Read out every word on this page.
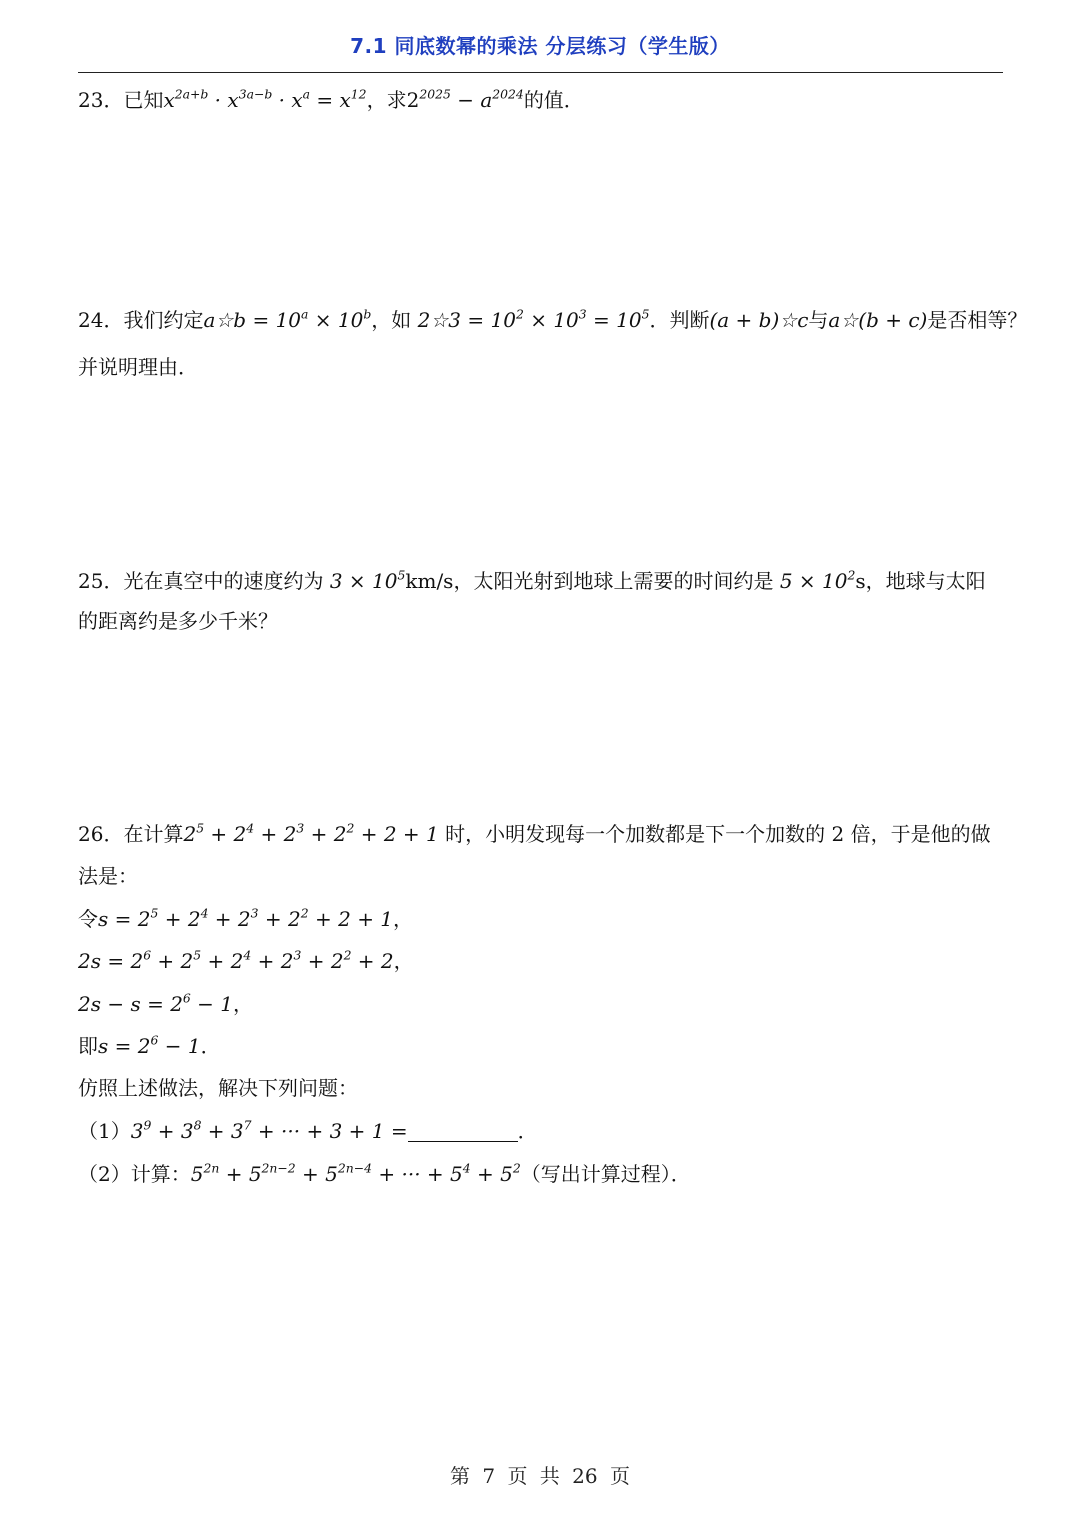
7.1 同底数幂的乘法 分层练习（学生版）
23．已知$x^{2a+b} \cdot x^{3a-b} \cdot x^a = x^{12}$，求$2^{2025} - a^{2024}$的值．
24．我们约定a☆b = $10^a \times 10^b$，如 2☆3 = $10^2 \times 10^3 = 10^5$．判断(a + b)☆c与a☆(b + c)是否相等？
并说明理由．
25．光在真空中的速度约为 $3 \times 10^5km/s$，太阳光射到地球上需要的时间约是 $5 \times 10^2s$，地球与太阳
的距离约是多少千米？
26．在计算$2^5 + 2^4 + 2^3 + 2^2 + 2 + 1$ 时，小明发现每一个加数都是下一个加数的 2 倍，于是他的做
法是：
令$s = 2^5 + 2^4 + 2^3 + 2^2 + 2 + 1$，
$2s = 2^6 + 2^5 + 2^4 + 2^3 + 2^2 + 2$，
$2s - s = 2^6 - 1$，
即$s = 2^6 - 1$．
仿照上述做法，解决下列问题：
$(1)3^9 + 3^8 + 3^7$ + ··· + 3 + 1 =	．
（2）计算：$5^{2n} + 5^{2n-2} + 5^{2n-4}$ + ··· + $5^4 + 5^2$（写出计算过程）．
第 7 页 共 26 页
